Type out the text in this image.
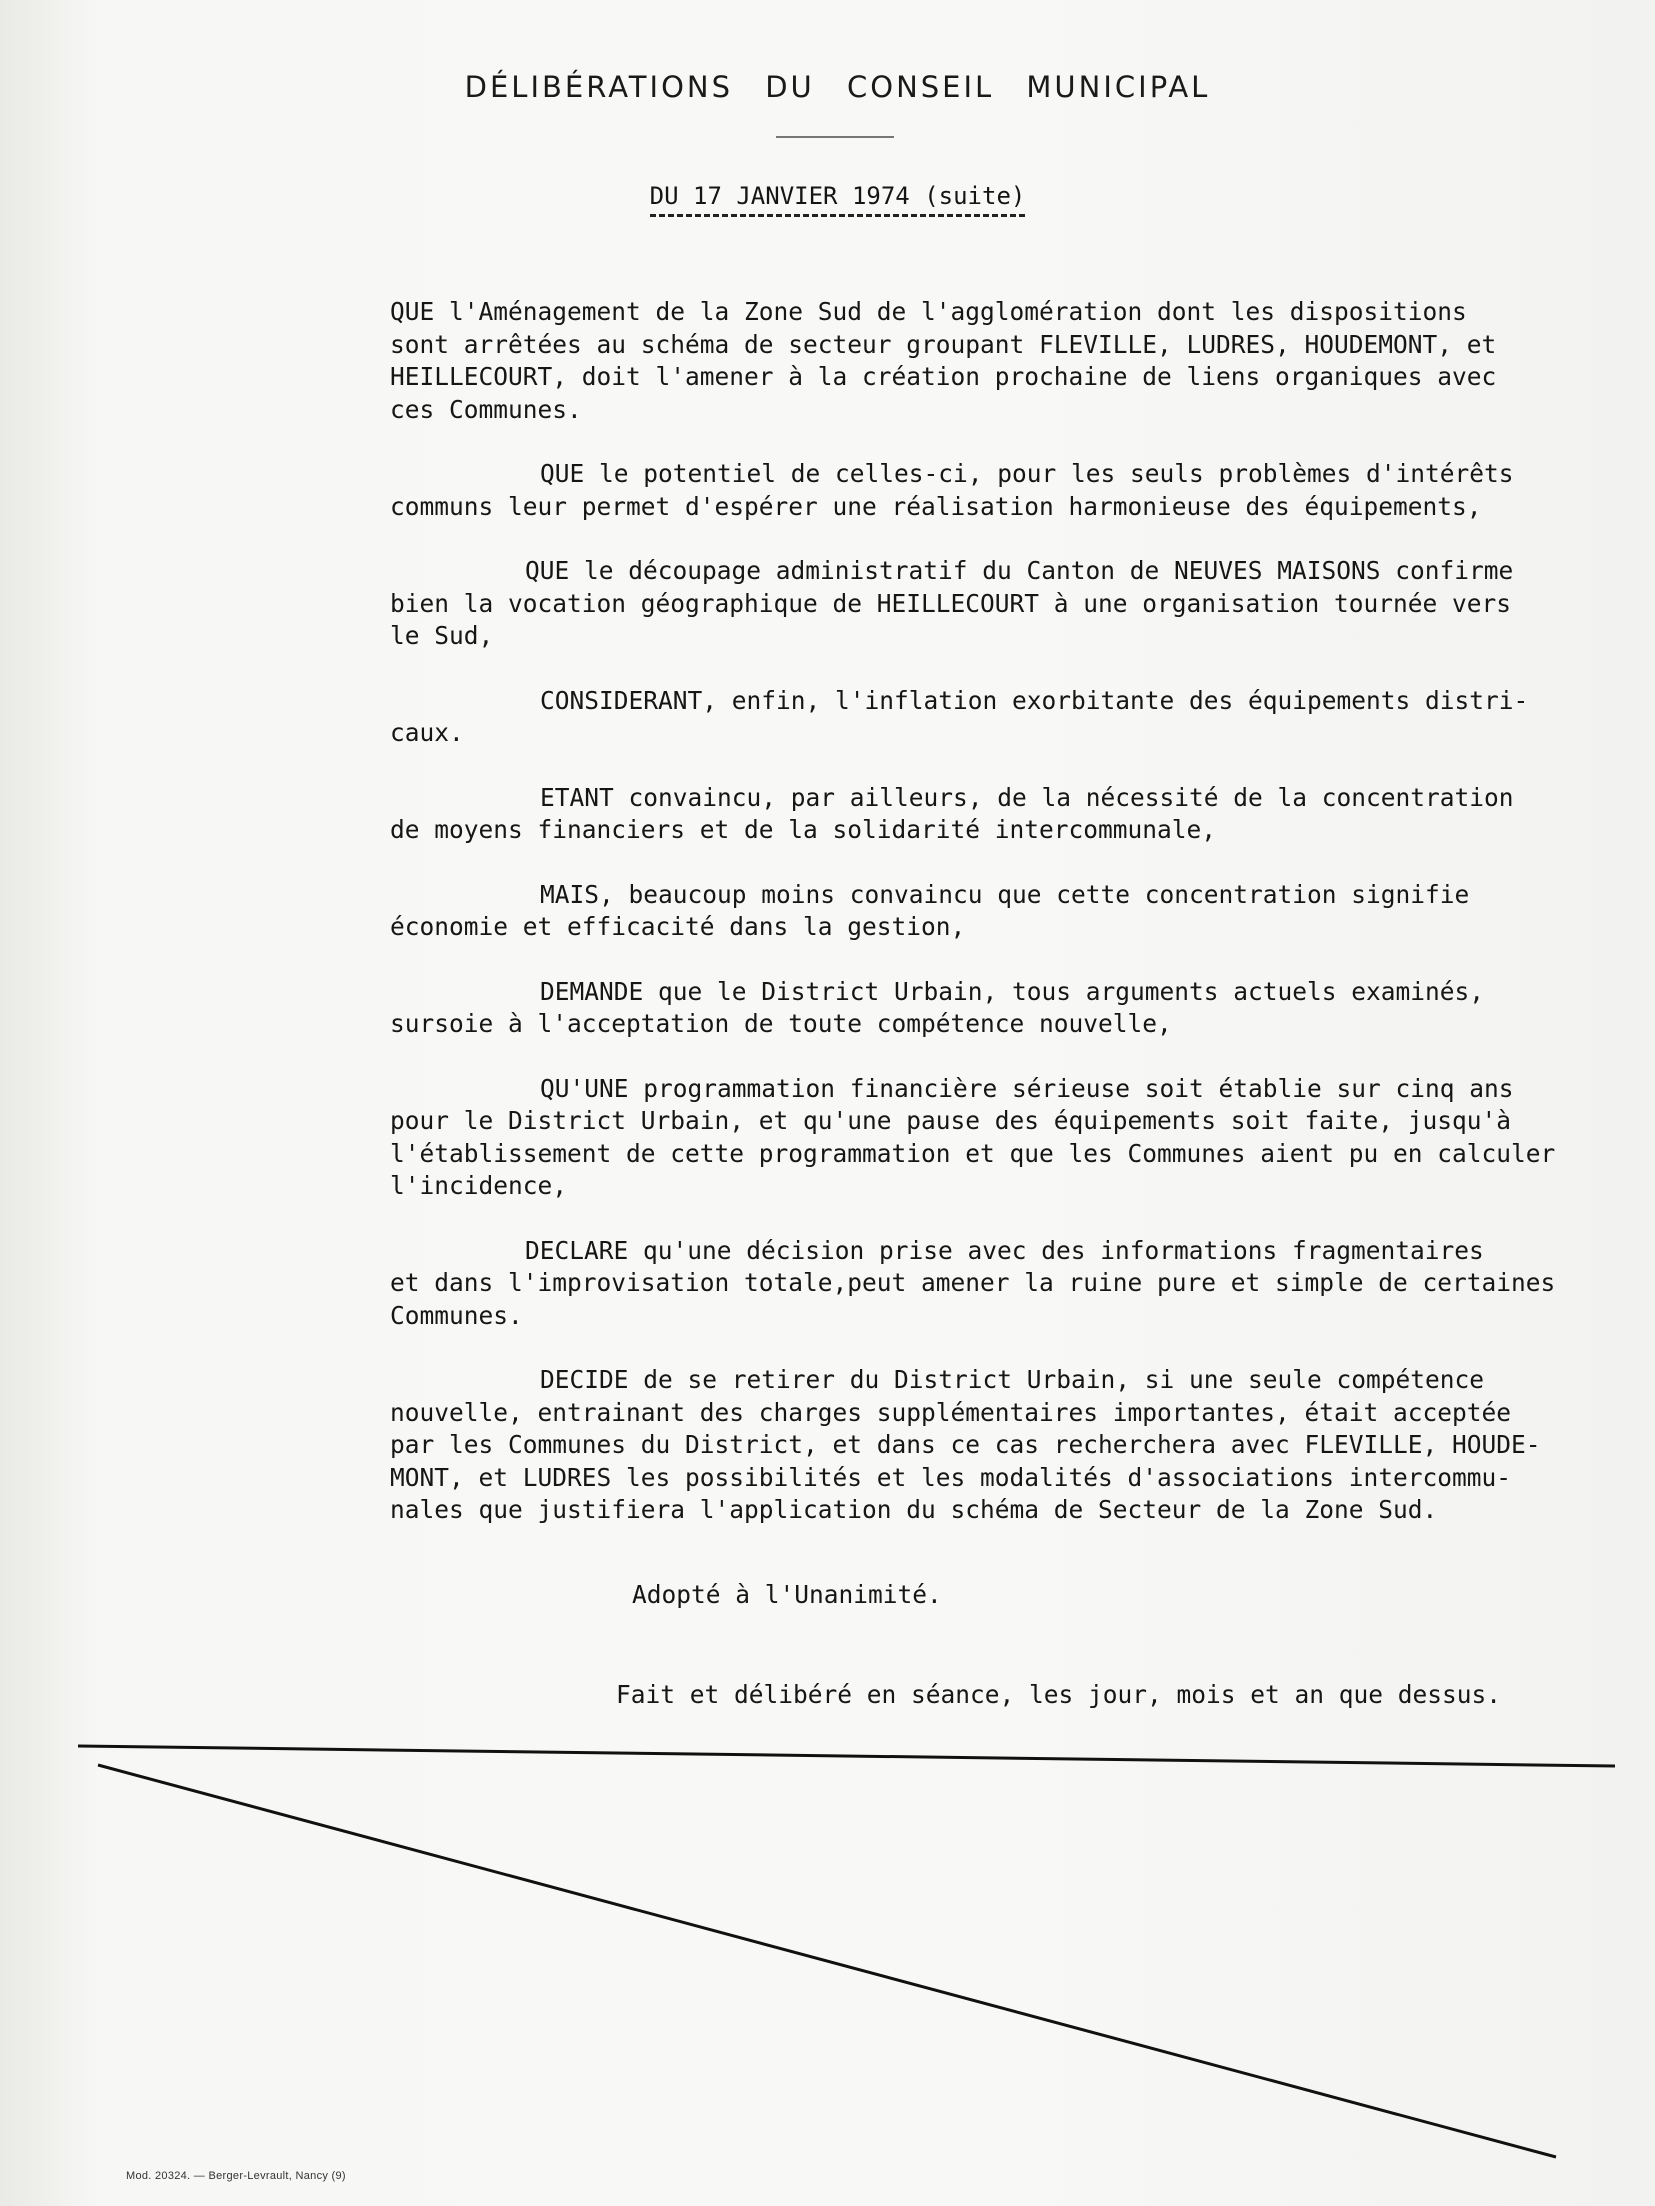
DÉLIBÉRATIONS DU CONSEIL MUNICIPAL
DU 17 JANVIER 1974 (suite)

QUE l'Aménagement de la Zone Sud de l'agglomération dont les dispositions
sont arrêtées au schéma de secteur groupant FLEVILLE, LUDRES, HOUDEMONT, et
HEILLECOURT, doit l'amener à la création prochaine de liens organiques avec
ces Communes.

QUE le potentiel de celles-ci, pour les seuls problèmes d'intérêts
communs leur permet d'espérer une réalisation harmonieuse des équipements,

QUE le découpage administratif du Canton de NEUVES MAISONS confirme
bien la vocation géographique de HEILLECOURT à une organisation tournée vers
le Sud,

CONSIDERANT, enfin, l'inflation exorbitante des équipements distri-
caux.

ETANT convaincu, par ailleurs, de la nécessité de la concentration
de moyens financiers et de la solidarité intercommunale,

MAIS, beaucoup moins convaincu que cette concentration signifie
économie et efficacité dans la gestion,

DEMANDE que le District Urbain, tous arguments actuels examinés,
sursoie à l'acceptation de toute compétence nouvelle,

QU'UNE programmation financière sérieuse soit établie sur cinq ans
pour le District Urbain, et qu'une pause des équipements soit faite, jusqu'à
l'établissement de cette programmation et que les Communes aient pu en calculer
l'incidence,

DECLARE qu'une décision prise avec des informations fragmentaires
et dans l'improvisation totale,peut amener la ruine pure et simple de certaines
Communes.

DECIDE de se retirer du District Urbain, si une seule compétence
nouvelle, entrainant des charges supplémentaires importantes, était acceptée
par les Communes du District, et dans ce cas recherchera avec FLEVILLE, HOUDE-
MONT, et LUDRES les possibilités et les modalités d'associations intercommu-
nales que justifiera l'application du schéma de Secteur de la Zone Sud.

Adopté à l'Unanimité.
Fait et délibéré en séance, les jour, mois et an que dessus.
Mod. 20324. — Berger-Levrault, Nancy (9)
